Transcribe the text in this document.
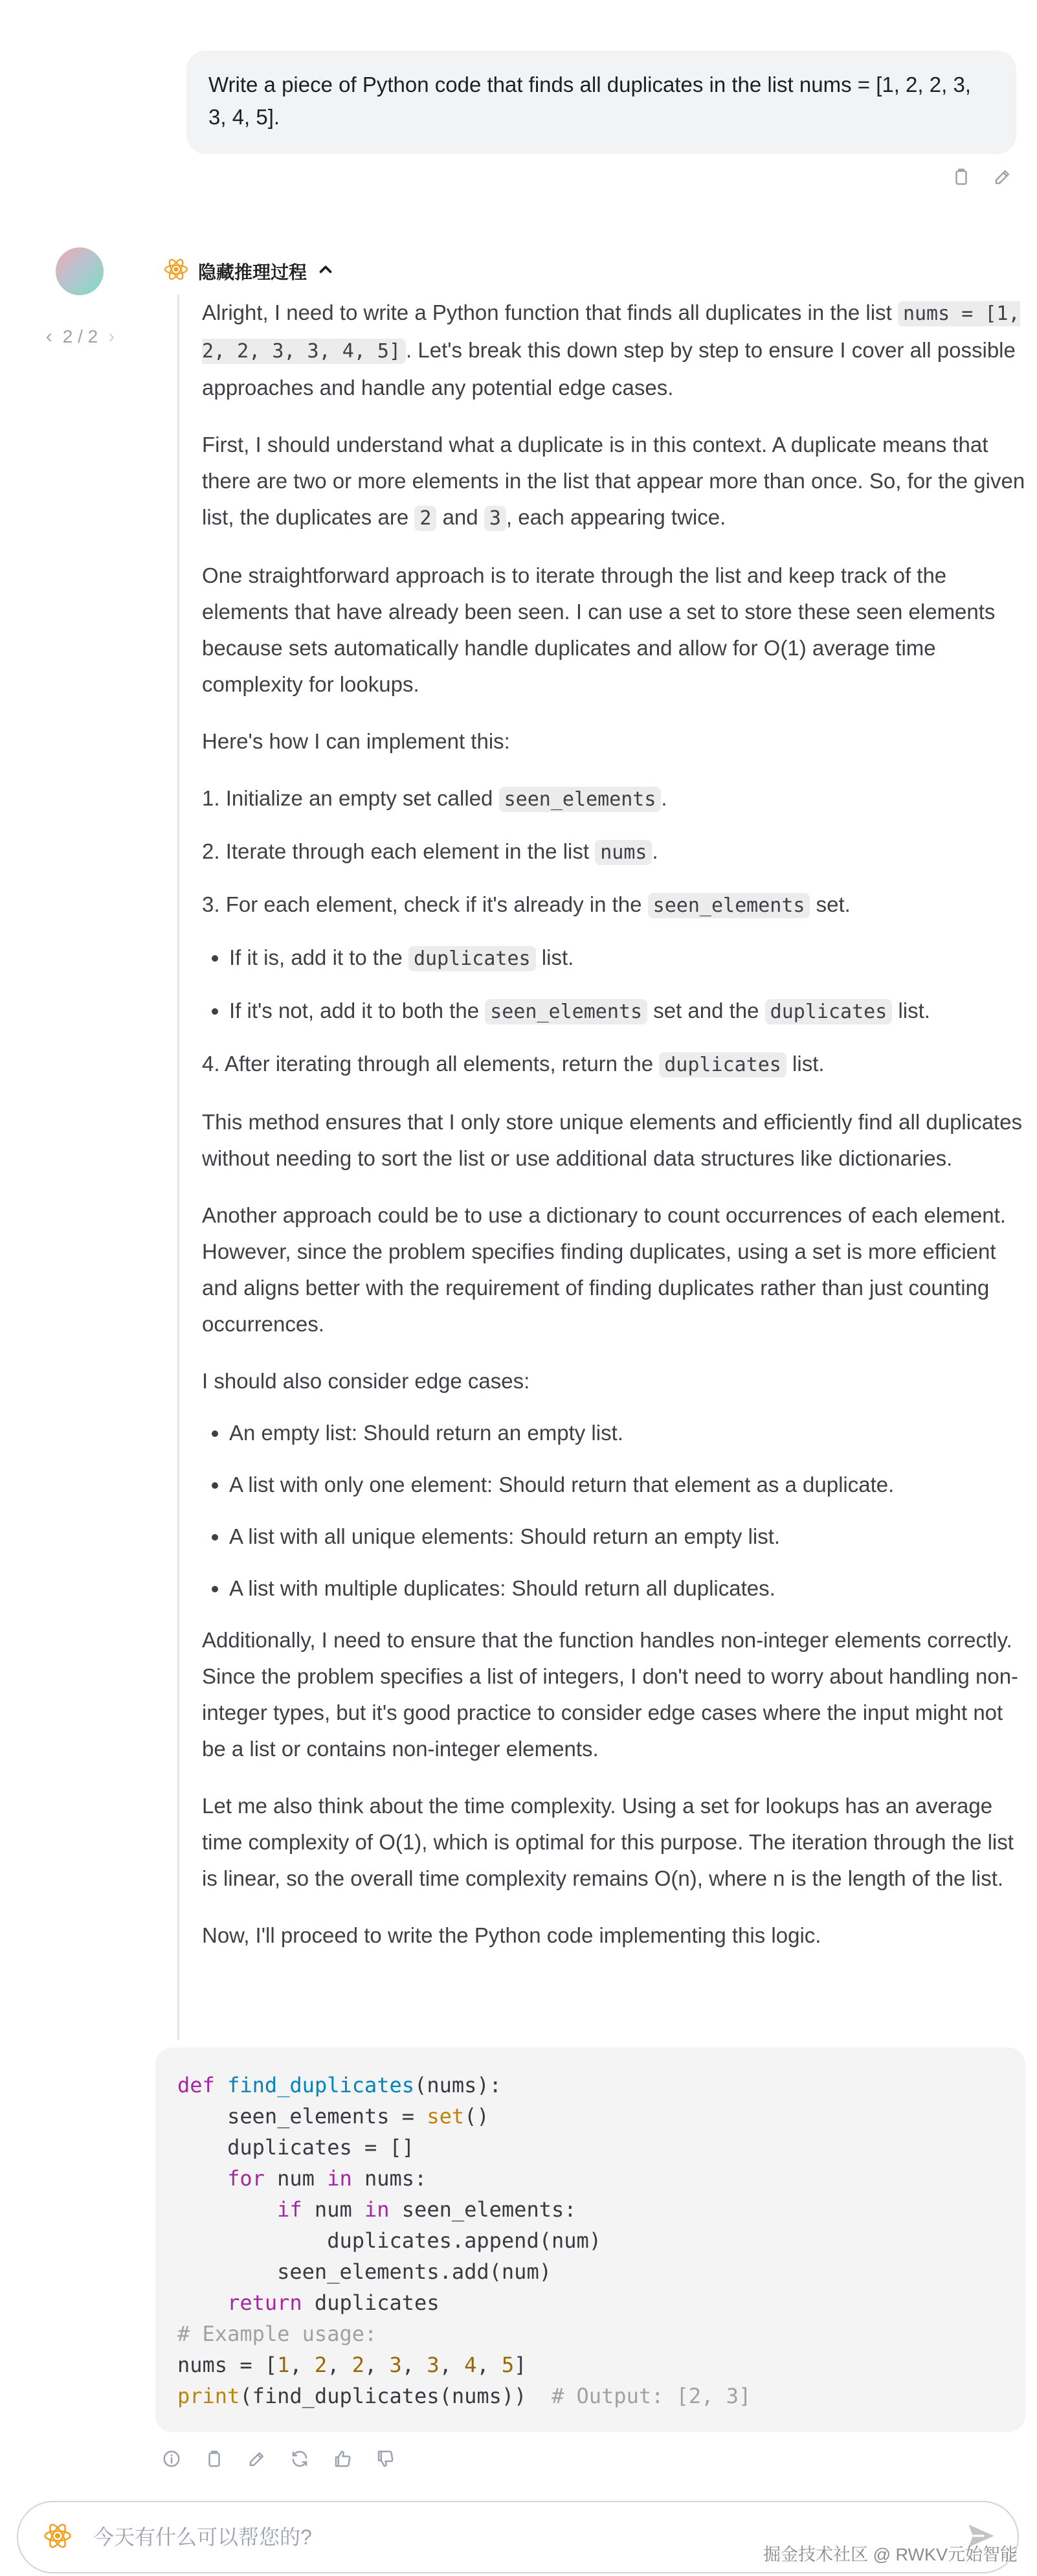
Write a piece of Python code that finds all duplicates in the list nums = [1, 2, 2, 3, 3, 4, 5].
‹ 2 / 2 ›
隐藏推理过程

Alright, I need to write a Python function that finds all duplicates in the list nums = [1, 2, 2, 3, 3, 4, 5] . Let's break this down step by step to ensure I cover all possible approaches and handle any potential edge cases.

First, I should understand what a duplicate is in this context. A duplicate means that there are two or more elements in the list that appear more than once. So, for the given list, the duplicates are 2 and 3 , each appearing twice.

One straightforward approach is to iterate through the list and keep track of the elements that have already been seen. I can use a set to store these seen elements because sets automatically handle duplicates and allow for O(1) average time complexity for lookups.

Here's how I can implement this:

1. Initialize an empty set called seen_elements .
2. Iterate through each element in the list nums .
3. For each element, check if it's already in the seen_elements set.
• If it is, add it to the duplicates list.
• If it's not, add it to both the seen_elements set and the duplicates list.
4. After iterating through all elements, return the duplicates list.

This method ensures that I only store unique elements and efficiently find all duplicates without needing to sort the list or use additional data structures like dictionaries.

Another approach could be to use a dictionary to count occurrences of each element. However, since the problem specifies finding duplicates, using a set is more efficient and aligns better with the requirement of finding duplicates rather than just counting occurrences.

I should also consider edge cases:

• An empty list: Should return an empty list.
• A list with only one element: Should return that element as a duplicate.
• A list with all unique elements: Should return an empty list.
• A list with multiple duplicates: Should return all duplicates.

Additionally, I need to ensure that the function handles non-integer elements correctly. Since the problem specifies a list of integers, I don't need to worry about handling non-integer types, but it's good practice to consider edge cases where the input might not be a list or contains non-integer elements.

Let me also think about the time complexity. Using a set for lookups has an average time complexity of O(1), which is optimal for this purpose. The iteration through the list is linear, so the overall time complexity remains O(n), where n is the length of the list.

Now, I'll proceed to write the Python code implementing this logic.

def find_duplicates(nums):
seen_elements = set()
duplicates = []
for num in nums:
if num in seen_elements:
duplicates.append(num)
seen_elements.add(num)
return duplicates
# Example usage:
nums = [1, 2, 2, 3, 3, 4, 5]
print(find_duplicates(nums))  # Output: [2, 3]
今天有什么可以帮您的?
掘金技术社区 @ RWKV元始智能
